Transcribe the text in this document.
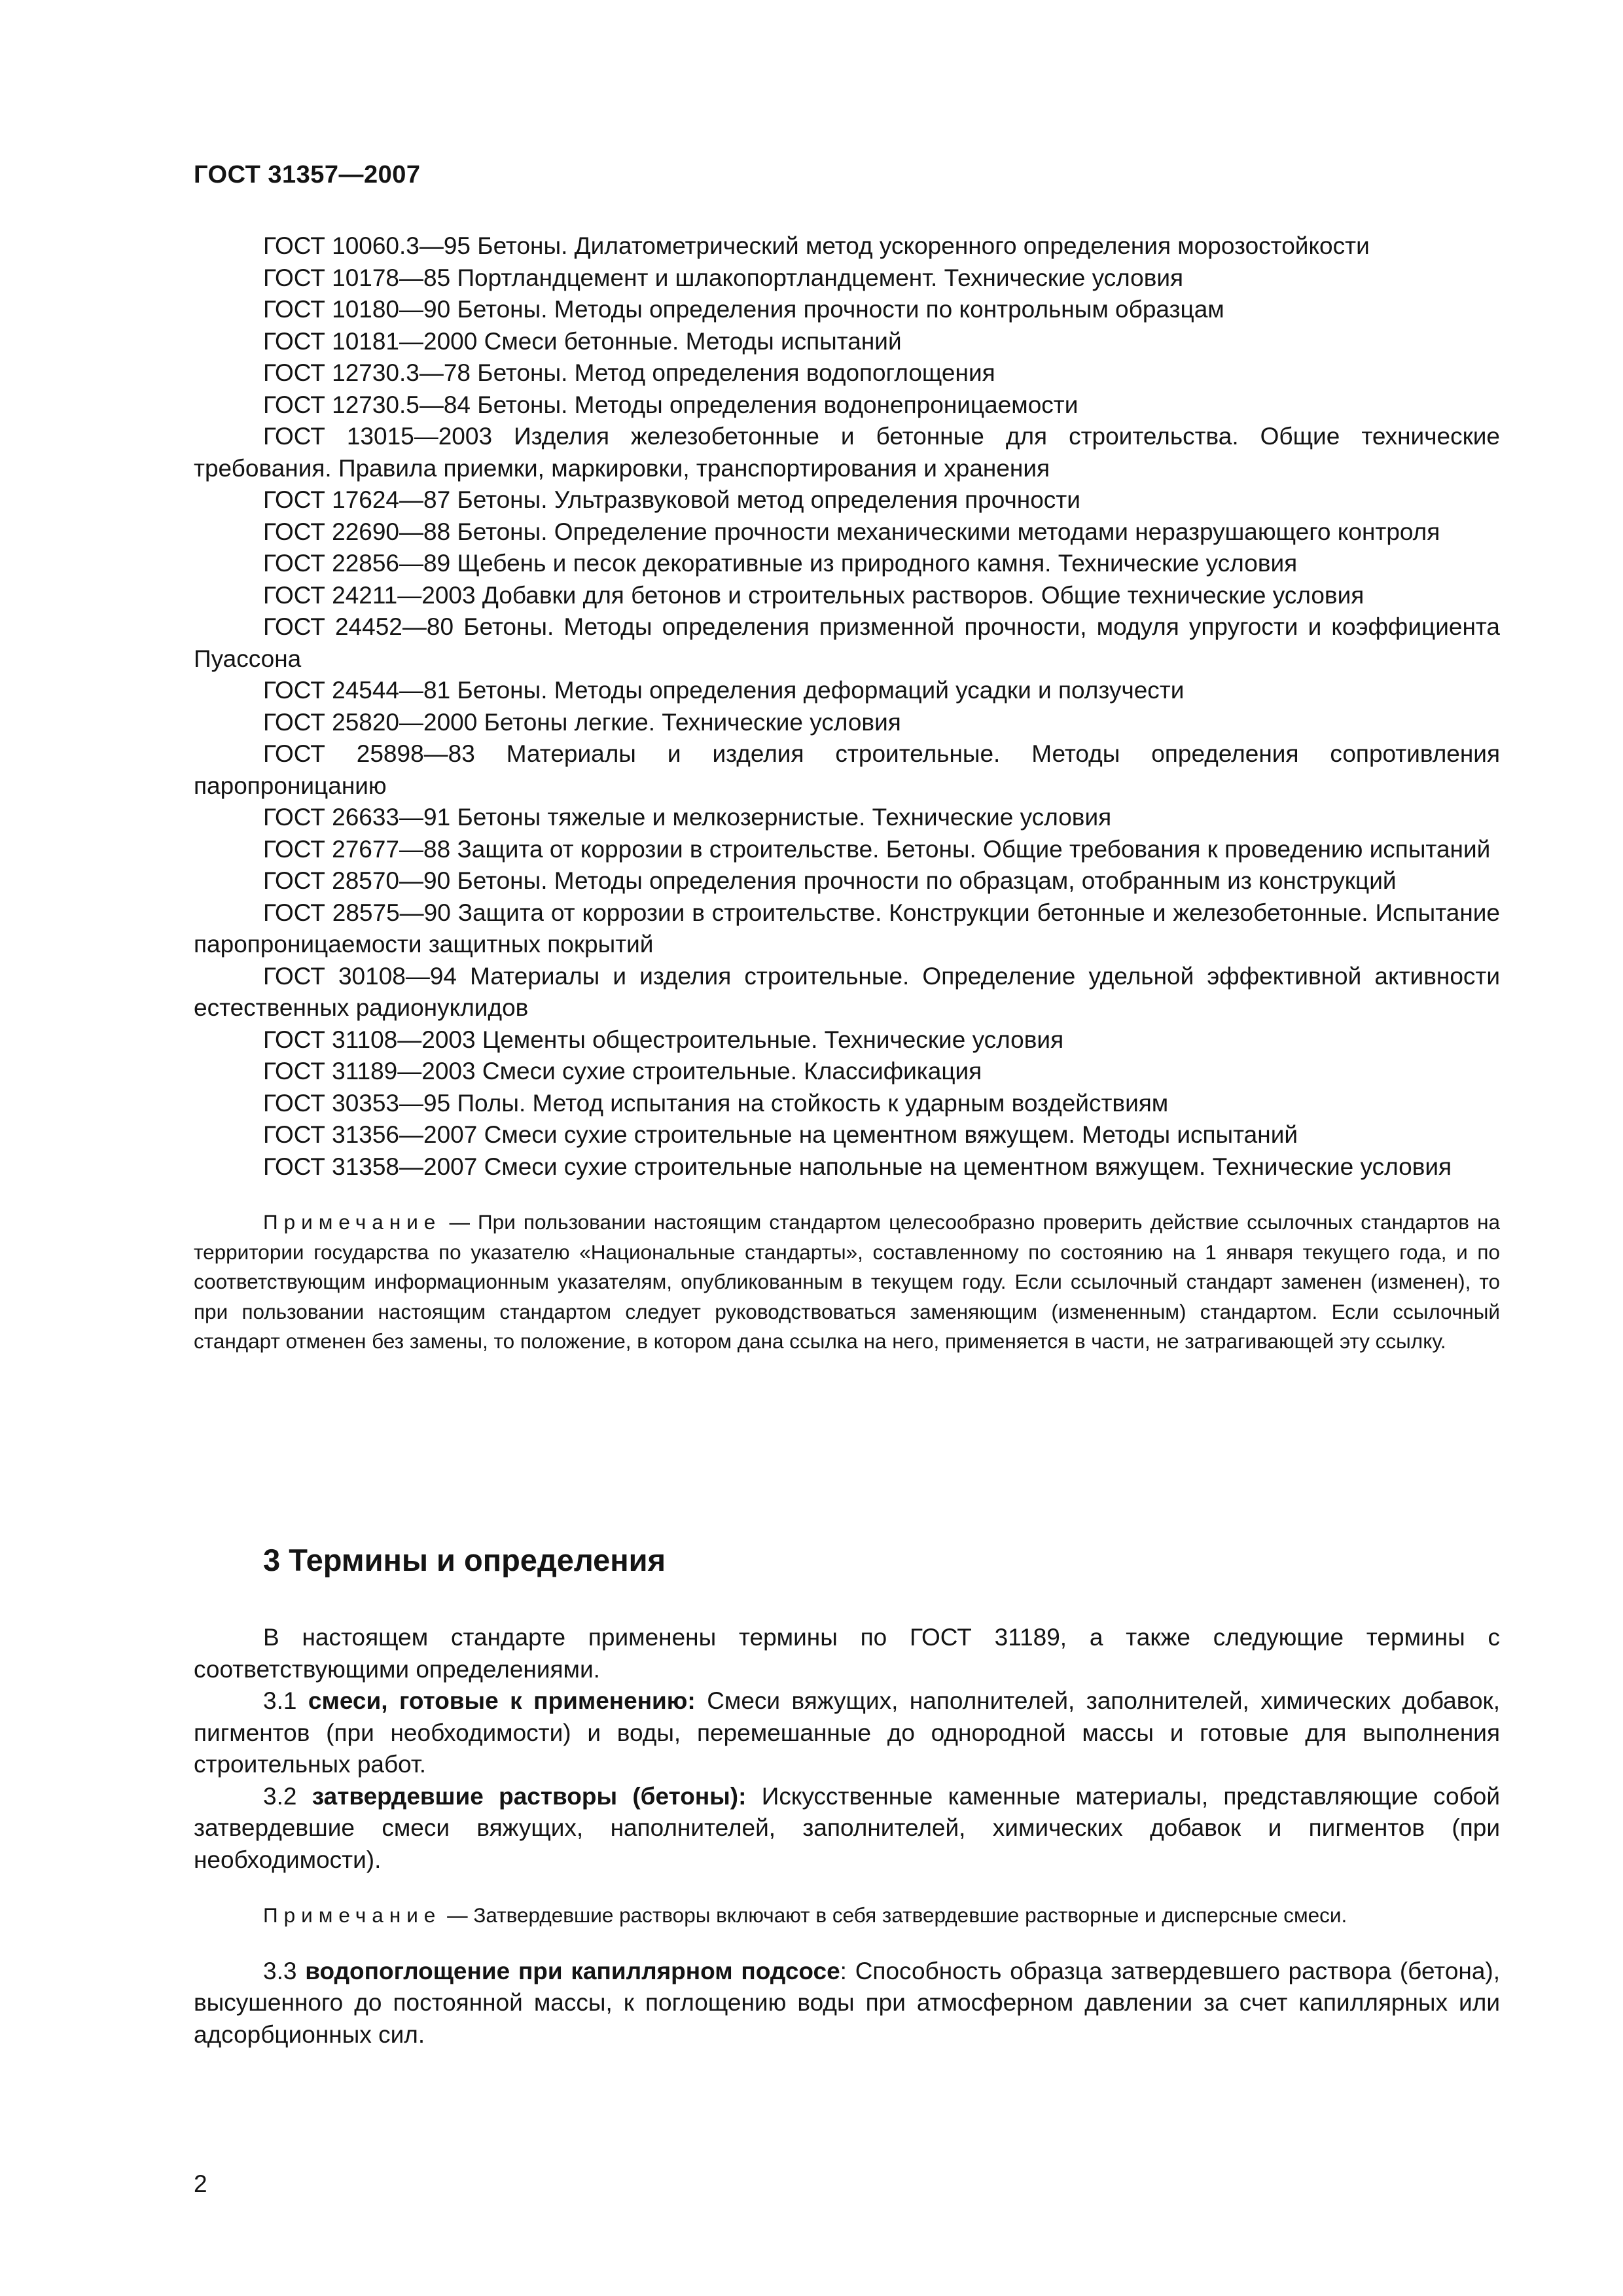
ГОСТ 31357—2007

ГОСТ 10060.3—95 Бетоны. Дилатометрический метод ускоренного определения морозостойкости

ГОСТ 10178—85 Портландцемент и шлакопортландцемент. Технические условия

ГОСТ 10180—90 Бетоны. Методы определения прочности по контрольным образцам

ГОСТ 10181—2000 Смеси бетонные. Методы испытаний

ГОСТ 12730.3—78 Бетоны. Метод определения водопоглощения

ГОСТ 12730.5—84 Бетоны. Методы определения водонепроницаемости

ГОСТ 13015—2003 Изделия железобетонные и бетонные для строительства. Общие технические требования. Правила приемки, маркировки, транспортирования и хранения

ГОСТ 17624—87 Бетоны. Ультразвуковой метод определения прочности

ГОСТ 22690—88 Бетоны. Определение прочности механическими методами неразрушающего контроля

ГОСТ 22856—89 Щебень и песок декоративные из природного камня. Технические условия

ГОСТ 24211—2003 Добавки для бетонов и строительных растворов. Общие технические условия

ГОСТ 24452—80 Бетоны. Методы определения призменной прочности, модуля упругости и коэффициента Пуассона

ГОСТ 24544—81 Бетоны. Методы определения деформаций усадки и ползучести

ГОСТ 25820—2000 Бетоны легкие. Технические условия

ГОСТ 25898—83 Материалы и изделия строительные. Методы определения сопротивления паропроницанию

ГОСТ 26633—91 Бетоны тяжелые и мелкозернистые. Технические условия

ГОСТ 27677—88 Защита от коррозии в строительстве. Бетоны. Общие требования к проведению испытаний

ГОСТ 28570—90 Бетоны. Методы определения прочности по образцам, отобранным из конструкций

ГОСТ 28575—90 Защита от коррозии в строительстве. Конструкции бетонные и железобетонные. Испытание паропроницаемости защитных покрытий

ГОСТ 30108—94 Материалы и изделия строительные. Определение удельной эффективной активности естественных радионуклидов

ГОСТ 31108—2003 Цементы общестроительные. Технические условия

ГОСТ 31189—2003 Смеси сухие строительные. Классификация

ГОСТ 30353—95 Полы. Метод испытания на стойкость к ударным воздействиям

ГОСТ 31356—2007 Смеси сухие строительные на цементном вяжущем. Методы испытаний

ГОСТ 31358—2007 Смеси сухие строительные напольные на цементном вяжущем. Технические условия

Примечание — При пользовании настоящим стандартом целесообразно проверить действие ссылочных стандартов на территории государства по указателю «Национальные стандарты», составленному по состоянию на 1 января текущего года, и по соответствующим информационным указателям, опубликованным в текущем году. Если ссылочный стандарт заменен (изменен), то при пользовании настоящим стандартом следует руководствоваться заменяющим (измененным) стандартом. Если ссылочный стандарт отменен без замены, то положение, в котором дана ссылка на него, применяется в части, не затрагивающей эту ссылку.

3 Термины и определения

В настоящем стандарте применены термины по ГОСТ 31189, а также следующие термины с соответствующими определениями.

3.1 смеси, готовые к применению: Смеси вяжущих, наполнителей, заполнителей, химических добавок, пигментов (при необходимости) и воды, перемешанные до однородной массы и готовые для выполнения строительных работ.

3.2 затвердевшие растворы (бетоны): Искусственные каменные материалы, представляющие собой затвердевшие смеси вяжущих, наполнителей, заполнителей, химических добавок и пигментов (при необходимости).

Примечание — Затвердевшие растворы включают в себя затвердевшие растворные и дисперсные смеси.

3.3 водопоглощение при капиллярном подсосе: Способность образца затвердевшего раствора (бетона), высушенного до постоянной массы, к поглощению воды при атмосферном давлении за счет капиллярных или адсорбционных сил.

2
